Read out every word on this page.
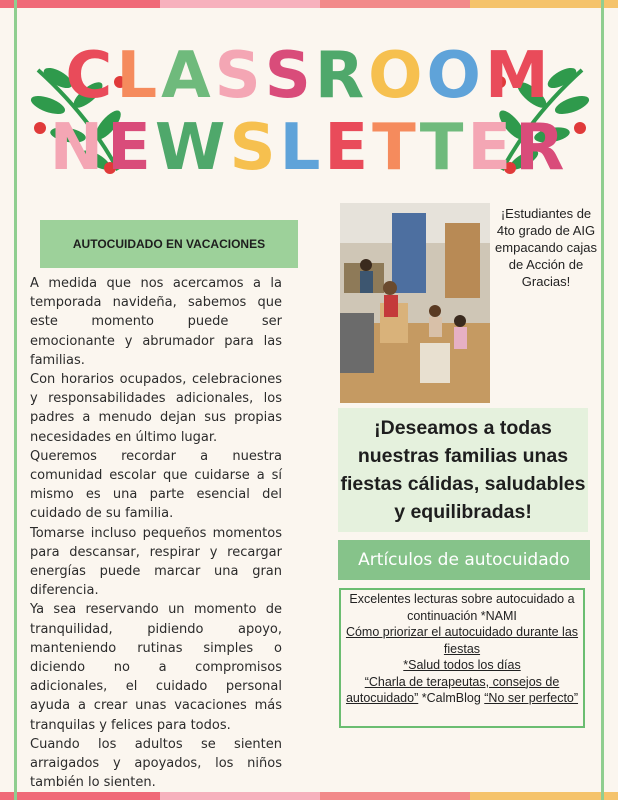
CLASSROOM
NEWSLETTER
AUTOCUIDADO EN VACACIONES

A medida que nos acercamos a la temporada navideña, sabemos que este momento puede ser emocionante y abrumador para las familias.

Con horarios ocupados, celebraciones y responsabilidades adicionales, los padres a menudo dejan sus propias necesidades en último lugar.

Queremos recordar a nuestra comunidad escolar que cuidarse a sí mismo es una parte esencial del cuidado de su familia.

Tomarse incluso pequeños momentos para descansar, respirar y recargar energías puede marcar una gran diferencia.

Ya sea reservando un momento de tranquilidad, pidiendo apoyo, manteniendo rutinas simples o diciendo no a compromisos adicionales, el cuidado personal ayuda a crear unas vacaciones más tranquilas y felices para todos.

Cuando los adultos se sienten arraigados y apoyados, los niños también lo sienten.

¡Estudiantes de 4to grado de AIG empacando cajas de Acción de Gracias!
¡Deseamos a todas nuestras familias unas fiestas cálidas, saludables y equilibradas!
Artículos de autocuidado
Excelentes lecturas sobre autocuidado a continuación *NAMI
Cómo priorizar el autocuidado durante las fiestas
*Salud todos los días
“Charla de terapeutas, consejos de autocuidado” *CalmBlog “No ser perfecto”
